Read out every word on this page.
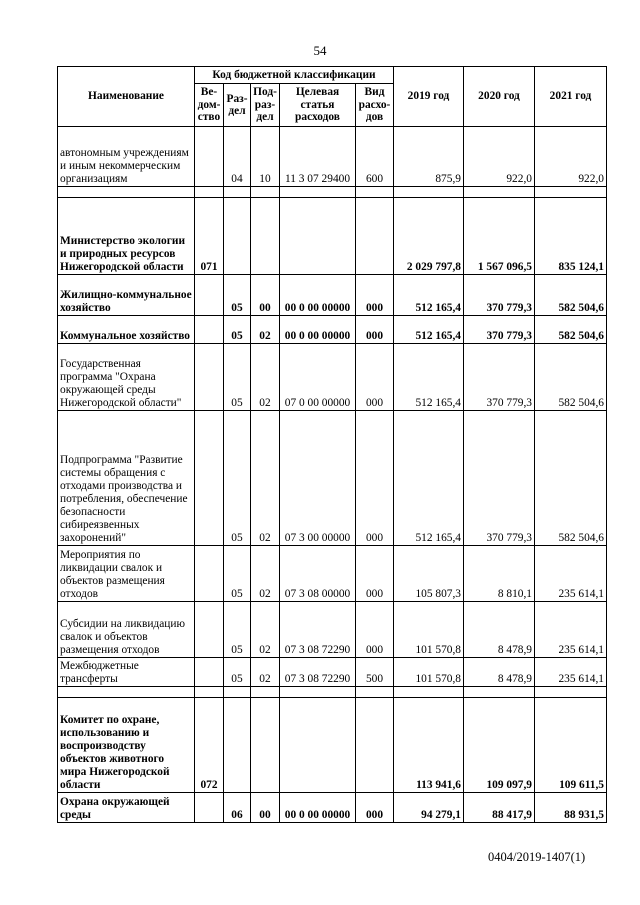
54
Наименование	Код бюджетной классификации					2019 год	2020 год	2021 год
	Ве-дом-ство	Раз-дел	Под-раз-дел	Целевая статья расходов	Вид расхо-дов			
автономным учреждениям и иным некоммерческим организациям		04	10	11 3 07 29400	600	875,9	922,0	922,0

Министерство экологии и природных ресурсов Нижегородской области	071					2 029 797,8	1 567 096,5	835 124,1
Жилищно-коммунальное хозяйство		05	00	00 0 00 00000	000	512 165,4	370 779,3	582 504,6
Коммунальное хозяйство		05	02	00 0 00 00000	000	512 165,4	370 779,3	582 504,6
Государственная программа "Охрана окружающей среды Нижегородской области"		05	02	07 0 00 00000	000	512 165,4	370 779,3	582 504,6
Подпрограмма "Развитие системы обращения с отходами производства и потребления, обеспечение безопасности сибиреязвенных захоронений"		05	02	07 3 00 00000	000	512 165,4	370 779,3	582 504,6
Мероприятия по ликвидации свалок и объектов размещения отходов		05	02	07 3 08 00000	000	105 807,3	8 810,1	235 614,1
Субсидии на ликвидацию свалок и объектов размещения отходов		05	02	07 3 08 72290	000	101 570,8	8 478,9	235 614,1
Межбюджетные трансферты		05	02	07 3 08 72290	500	101 570,8	8 478,9	235 614,1

Комитет по охране, использованию и воспроизводству объектов животного мира Нижегородской области	072					113 941,6	109 097,9	109 611,5
Охрана окружающей среды		06	00	00 0 00 00000	000	94 279,1	88 417,9	88 931,5
0404/2019-1407(1)
